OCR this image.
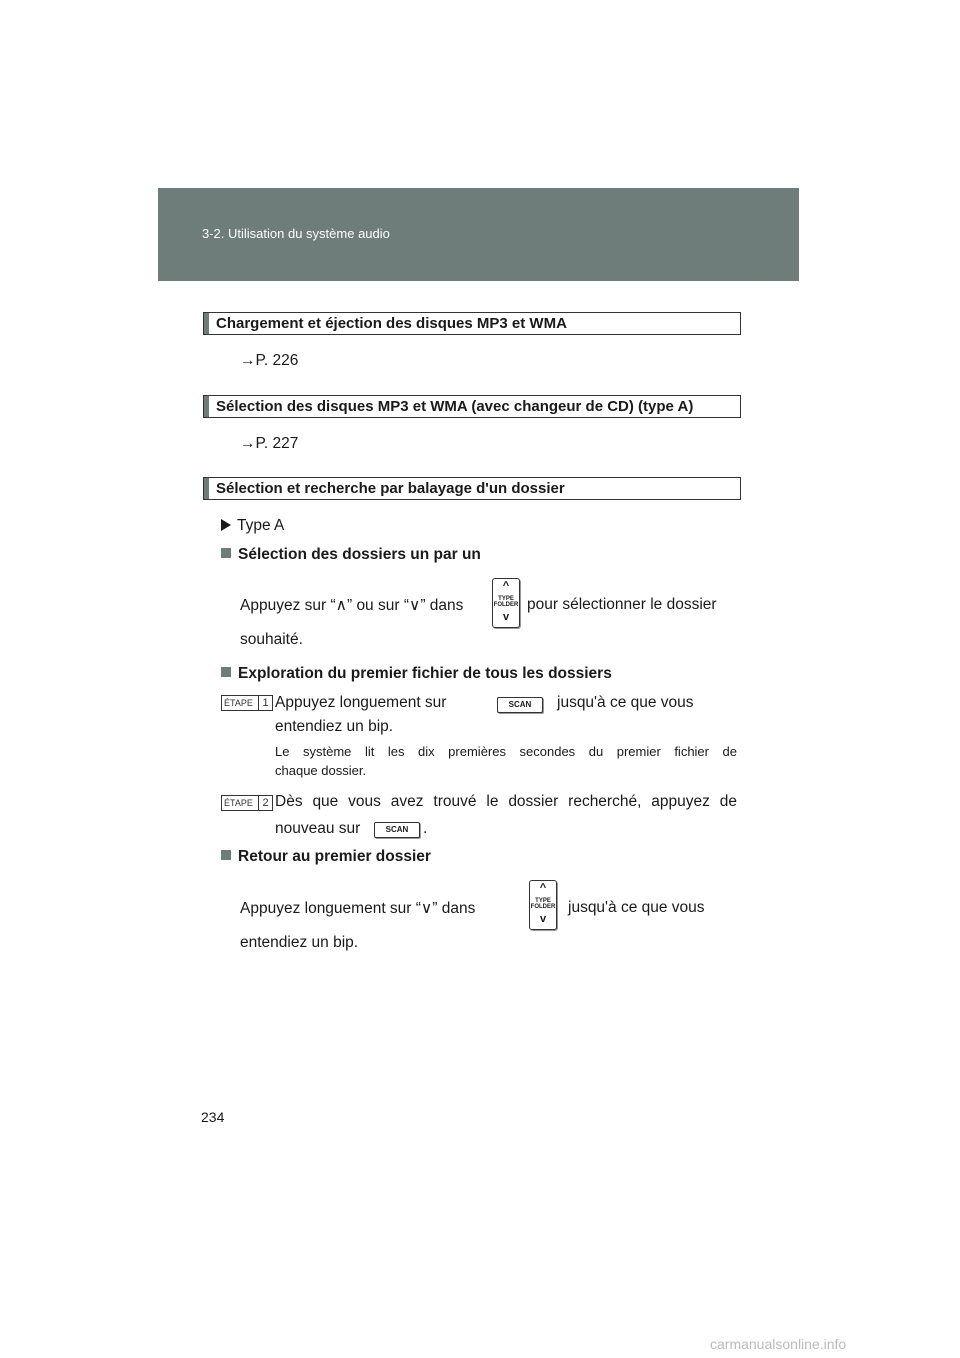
3-2. Utilisation du système audio
Chargement et éjection des disques MP3 et WMA
→P. 226
Sélection des disques MP3 et WMA (avec changeur de CD) (type A)
→P. 227
Sélection et recherche par balayage d'un dossier
Type A
Sélection des dossiers un par un
Appuyez sur “∧” ou sur “∨” dans
^
TYPE
FOLDER
v
pour sélectionner le dossier
souhaité.
Exploration du premier fichier de tous les dossiers
ÉTAPE 1 Appuyez longuement sur	SCAN	jusqu'à ce que vous
entendiez un bip.
Le système lit les dix premières secondes du premier fichier de
chaque dossier.
ÉTAPE 2 Dès que vous avez trouvé le dossier recherché, appuyez de
nouveau sur	SCAN .
Retour au premier dossier
Appuyez longuement sur “∨” dans
^
TYPE
FOLDER
v
jusqu'à ce que vous
entendiez un bip.
234
carmanualsonline.info
